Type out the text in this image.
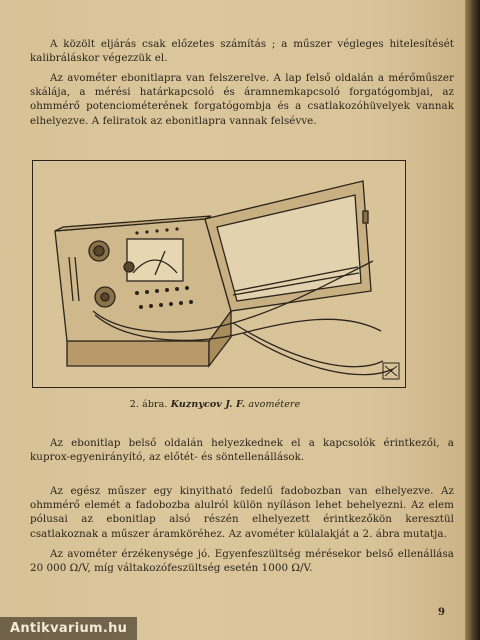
A közölt eljárás csak előzetes számítás ; a műszer végleges hitelesítését kalibráláskor végezzük el.

Az avométer ebonitlapra van felszerelve. A lap felső oldalán a mérőműszer skálája, a mérési határkapcsoló és áramnemkapcsoló forgatógombjai, az ohmmérő potenciométerének forgatógombja és a csatlakozóhüvelyek vannak elhelyezve. A feliratok az ebonitlapra vannak felsévve.

2. ábra. Kuznycov J. F. avométere

Az ebonitlap belső oldalán helyezkednek el a kapcsolók érintkezői, a kuprox-egyenirányító, az előtét- és söntellenállások.

Az egész műszer egy kinyitható fedelű fadobozban van elhelyezve. Az ohmmérő elemét a fadobozba alulról külön nyíláson lehet behelyezni. Az elem pólusai az ebonitlap alsó részén elhelyezett érintkezőkön keresztül csatlakoznak a műszer áramköréhez. Az avométer külalakját a 2. ábra mutatja.

Az avométer érzékenysége jó. Egyenfeszültség mérésekor belső ellenállása 20 000 Ω/V, míg váltakozófeszültség esetén 1000 Ω/V.

9
Antikvarium.hu
